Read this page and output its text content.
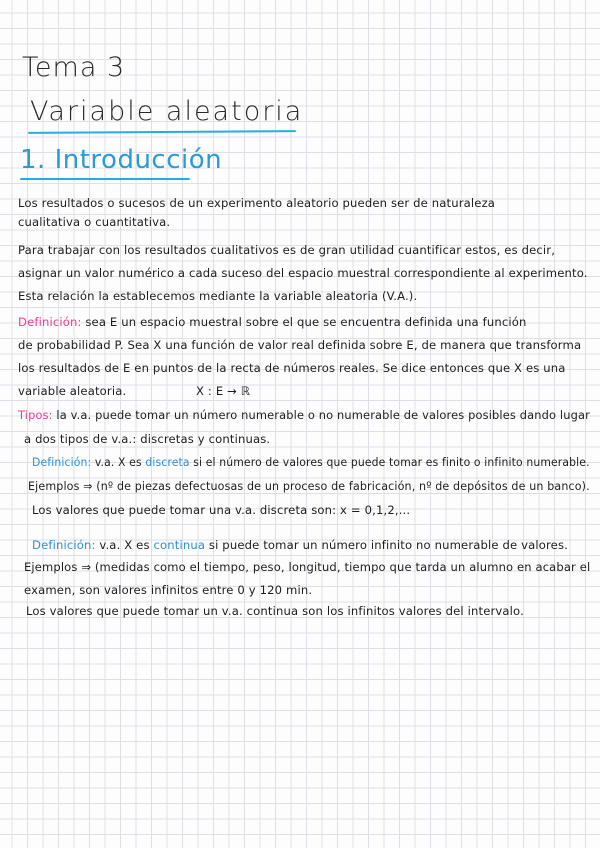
Tema 3
Variable aleatoria
1. Introducción
Los resultados o sucesos de un experimento aleatorio pueden ser de naturaleza
cualitativa o cuantitativa.
Para trabajar con los resultados cualitativos es de gran utilidad cuantificar estos, es decir,
asignar un valor numérico a cada suceso del espacio muestral correspondiente al experimento.
Esta relación la establecemos mediante la variable aleatoria (V.A.).
Definición: sea E un espacio muestral sobre el que se encuentra definida una función
de probabilidad P. Sea X una función de valor real definida sobre E, de manera que transforma
los resultados de E en puntos de la recta de números reales. Se dice entonces que X es una
variable aleatoria.	X : E → ℝ
Tipos: la v.a. puede tomar un número numerable o no numerable de valores posibles dando lugar
a dos tipos de v.a.: discretas y continuas.
Definición: v.a. X es discreta si el número de valores que puede tomar es finito o infinito numerable.
Ejemplos ⇒ (nº de piezas defectuosas de un proceso de fabricación, nº de depósitos de un banco).
Los valores que puede tomar una v.a. discreta son: x = 0,1,2,...
Definición: v.a. X es continua si puede tomar un número infinito no numerable de valores.
Ejemplos ⇒ (medidas como el tiempo, peso, longitud, tiempo que tarda un alumno en acabar el
examen, son valores infinitos entre 0 y 120 min.
Los valores que puede tomar un v.a. continua son los infinitos valores del intervalo.
